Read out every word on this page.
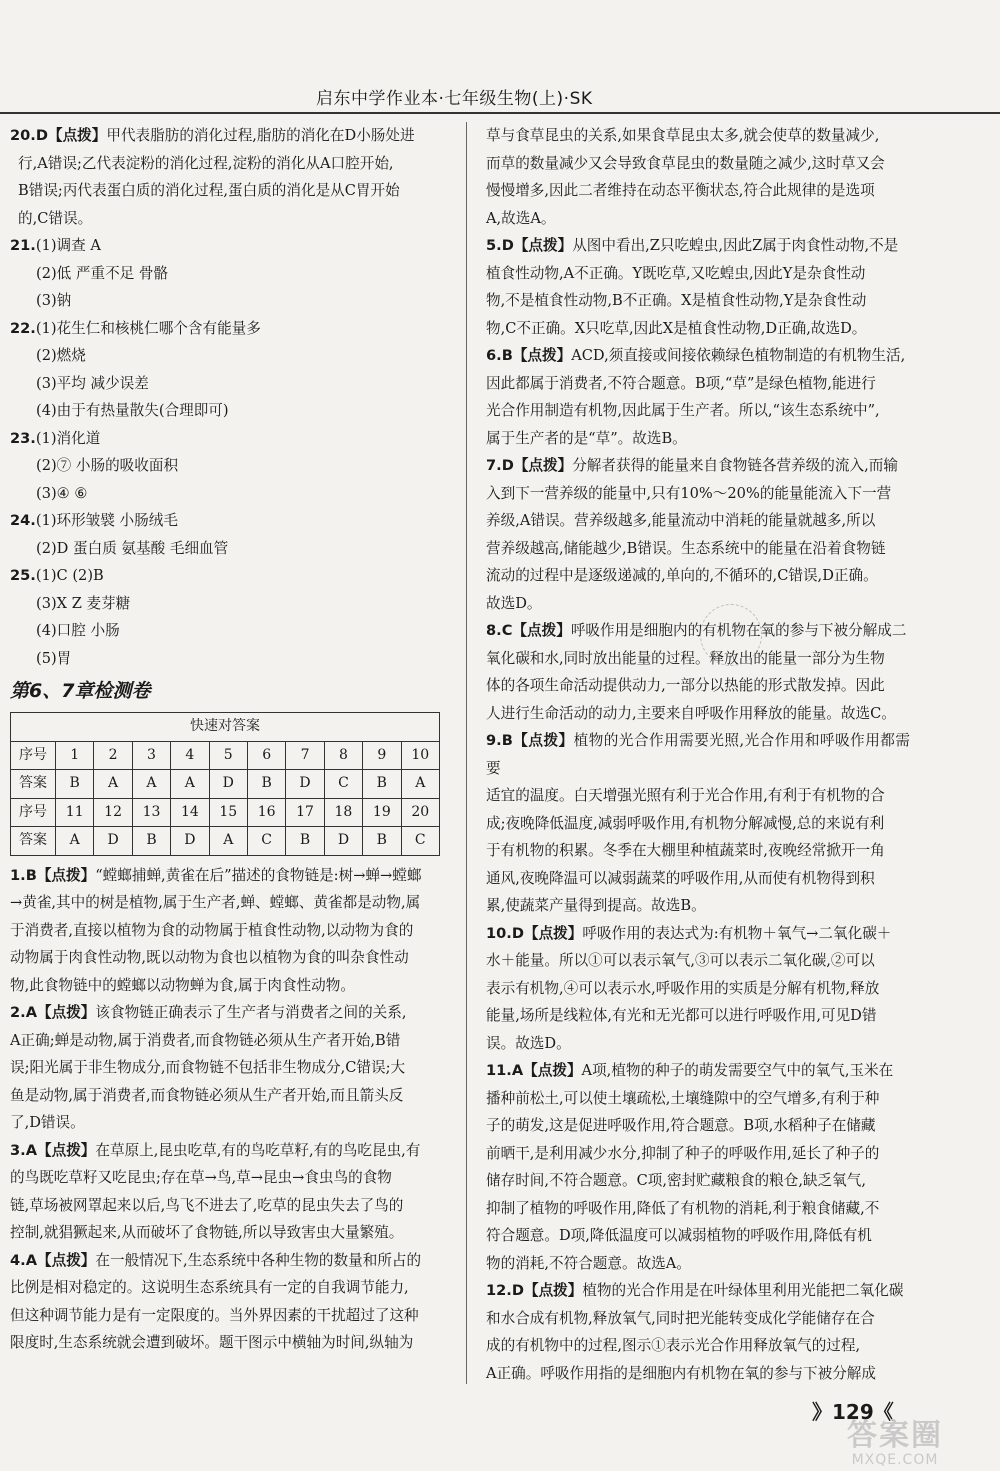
启东中学作业本·七年级生物(上)·SK

20.D【点拨】甲代表脂肪的消化过程,脂肪的消化在D小肠处进

行,A错误;乙代表淀粉的消化过程,淀粉的消化从A口腔开始,

B错误;丙代表蛋白质的消化过程,蛋白质的消化是从C胃开始

的,C错误。

21.(1)调查 A

(2)低 严重不足 骨骼

(3)钠

22.(1)花生仁和核桃仁哪个含有能量多

(2)燃烧

(3)平均 减少误差

(4)由于有热量散失(合理即可)

23.(1)消化道

(2)⑦ 小肠的吸收面积

(3)④ ⑥

24.(1)环形皱襞 小肠绒毛

(2)D 蛋白质 氨基酸 毛细血管

25.(1)C (2)B

(3)X Z 麦芽糖

(4)口腔 小肠

(5)胃

第6、7章检测卷
快速对答案										
序号	1	2	3	4	5	6	7	8	9	10
答案	B	A	A	A	D	B	D	C	B	A
序号	11	12	13	14	15	16	17	18	19	20
答案	A	D	B	D	A	C	B	D	B	C

1.B【点拨】“螳螂捕蝉,黄雀在后”描述的食物链是:树→蝉→螳螂

→黄雀,其中的树是植物,属于生产者,蝉、螳螂、黄雀都是动物,属

于消费者,直接以植物为食的动物属于植食性动物,以动物为食的

动物属于肉食性动物,既以动物为食也以植物为食的叫杂食性动

物,此食物链中的螳螂以动物蝉为食,属于肉食性动物。

2.A【点拨】该食物链正确表示了生产者与消费者之间的关系,

A正确;蝉是动物,属于消费者,而食物链必须从生产者开始,B错

误;阳光属于非生物成分,而食物链不包括非生物成分,C错误;大

鱼是动物,属于消费者,而食物链必须从生产者开始,而且箭头反

了,D错误。

3.A【点拨】在草原上,昆虫吃草,有的鸟吃草籽,有的鸟吃昆虫,有

的鸟既吃草籽又吃昆虫;存在草→鸟,草→昆虫→食虫鸟的食物

链,草场被网罩起来以后,鸟飞不进去了,吃草的昆虫失去了鸟的

控制,就猖獗起来,从而破坏了食物链,所以导致害虫大量繁殖。

4.A【点拨】在一般情况下,生态系统中各种生物的数量和所占的

比例是相对稳定的。这说明生态系统具有一定的自我调节能力,

但这种调节能力是有一定限度的。当外界因素的干扰超过了这种

限度时,生态系统就会遭到破坏。题干图示中横轴为时间,纵轴为

草与食草昆虫的关系,如果食草昆虫太多,就会使草的数量减少,

而草的数量减少又会导致食草昆虫的数量随之减少,这时草又会

慢慢增多,因此二者维持在动态平衡状态,符合此规律的是选项

A,故选A。

5.D【点拨】从图中看出,Z只吃蝗虫,因此Z属于肉食性动物,不是

植食性动物,A不正确。Y既吃草,又吃蝗虫,因此Y是杂食性动

物,不是植食性动物,B不正确。X是植食性动物,Y是杂食性动

物,C不正确。X只吃草,因此X是植食性动物,D正确,故选D。

6.B【点拨】ACD,须直接或间接依赖绿色植物制造的有机物生活,

因此都属于消费者,不符合题意。B项,“草”是绿色植物,能进行

光合作用制造有机物,因此属于生产者。所以,“该生态系统中”,

属于生产者的是“草”。故选B。

7.D【点拨】分解者获得的能量来自食物链各营养级的流入,而输

入到下一营养级的能量中,只有10%～20%的能量能流入下一营

养级,A错误。营养级越多,能量流动中消耗的能量就越多,所以

营养级越高,储能越少,B错误。生态系统中的能量在沿着食物链

流动的过程中是逐级递减的,单向的,不循环的,C错误,D正确。

故选D。

8.C【点拨】呼吸作用是细胞内的有机物在氧的参与下被分解成二

氧化碳和水,同时放出能量的过程。释放出的能量一部分为生物

体的各项生命活动提供动力,一部分以热能的形式散发掉。因此

人进行生命活动的动力,主要来自呼吸作用释放的能量。故选C。

9.B【点拨】植物的光合作用需要光照,光合作用和呼吸作用都需要

适宜的温度。白天增强光照有利于光合作用,有利于有机物的合

成;夜晚降低温度,减弱呼吸作用,有机物分解减慢,总的来说有利

于有机物的积累。冬季在大棚里种植蔬菜时,夜晚经常掀开一角

通风,夜晚降温可以减弱蔬菜的呼吸作用,从而使有机物得到积

累,使蔬菜产量得到提高。故选B。

10.D【点拨】呼吸作用的表达式为:有机物＋氧气→二氧化碳＋

水＋能量。所以①可以表示氧气,③可以表示二氧化碳,②可以

表示有机物,④可以表示水,呼吸作用的实质是分解有机物,释放

能量,场所是线粒体,有光和无光都可以进行呼吸作用,可见D错

误。故选D。

11.A【点拨】A项,植物的种子的萌发需要空气中的氧气,玉米在

播种前松土,可以使土壤疏松,土壤缝隙中的空气增多,有利于种

子的萌发,这是促进呼吸作用,符合题意。B项,水稻种子在储藏

前晒干,是利用减少水分,抑制了种子的呼吸作用,延长了种子的

储存时间,不符合题意。C项,密封贮藏粮食的粮仓,缺乏氧气,

抑制了植物的呼吸作用,降低了有机物的消耗,利于粮食储藏,不

符合题意。D项,降低温度可以减弱植物的呼吸作用,降低有机

物的消耗,不符合题意。故选A。

12.D【点拨】植物的光合作用是在叶绿体里利用光能把二氧化碳

和水合成有机物,释放氧气,同时把光能转变成化学能储存在合

成的有机物中的过程,图示①表示光合作用释放氧气的过程,

A正确。呼吸作用指的是细胞内有机物在氧的参与下被分解成

》129《
答案圈
MXQE.COM
